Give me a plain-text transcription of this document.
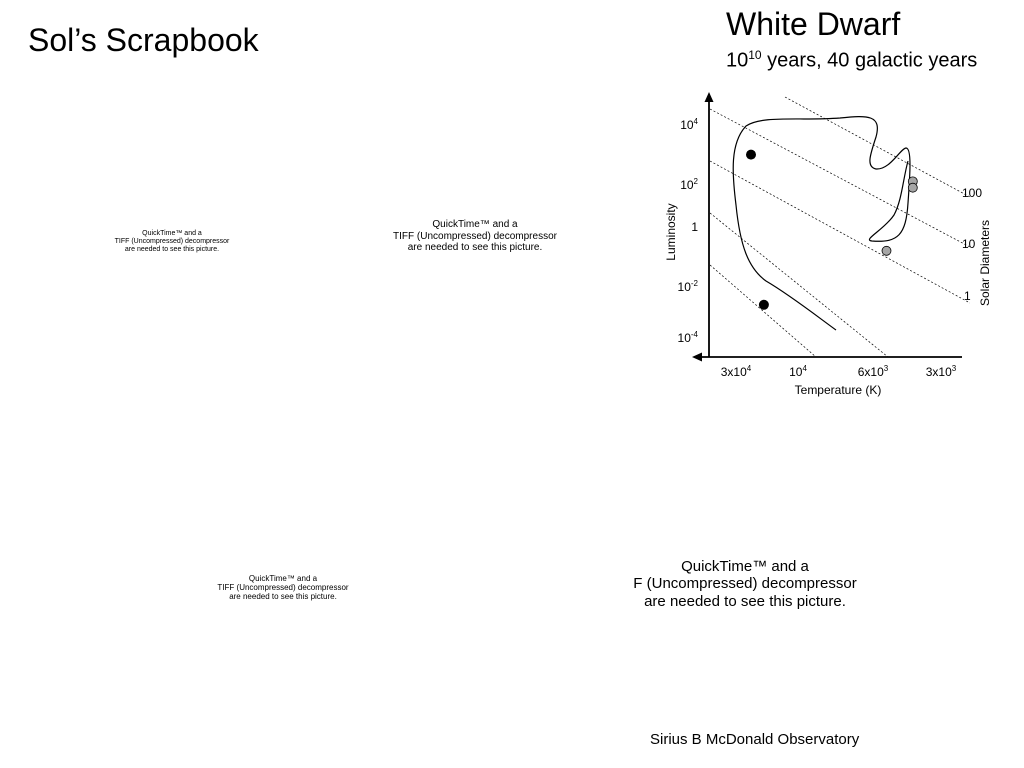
Sol’s Scrapbook	White Dwarf
$10^{10}$ years, 40 galactic years
QuickTime™ and a
TIFF (Uncompressed) decompressor
are needed to see this picture.
QuickTime™ and a
TIFF (Uncompressed) decompressor
are needed to see this picture.
QuickTime™ and a
TIFF (Uncompressed) decompressor
are needed to see this picture.
QuickTime™ and a
F (Uncompressed) decompressor
are needed to see this picture.
$10^4$
$10^2$
1
$10^{-2}$
$10^{-4}$
$3x10^4$	$10^4$	$6x10^3$	$3x10^3$
100
10
1
Luminosity
Temperature (K)
Solar Diameters
Sirius B McDonald Observatory
